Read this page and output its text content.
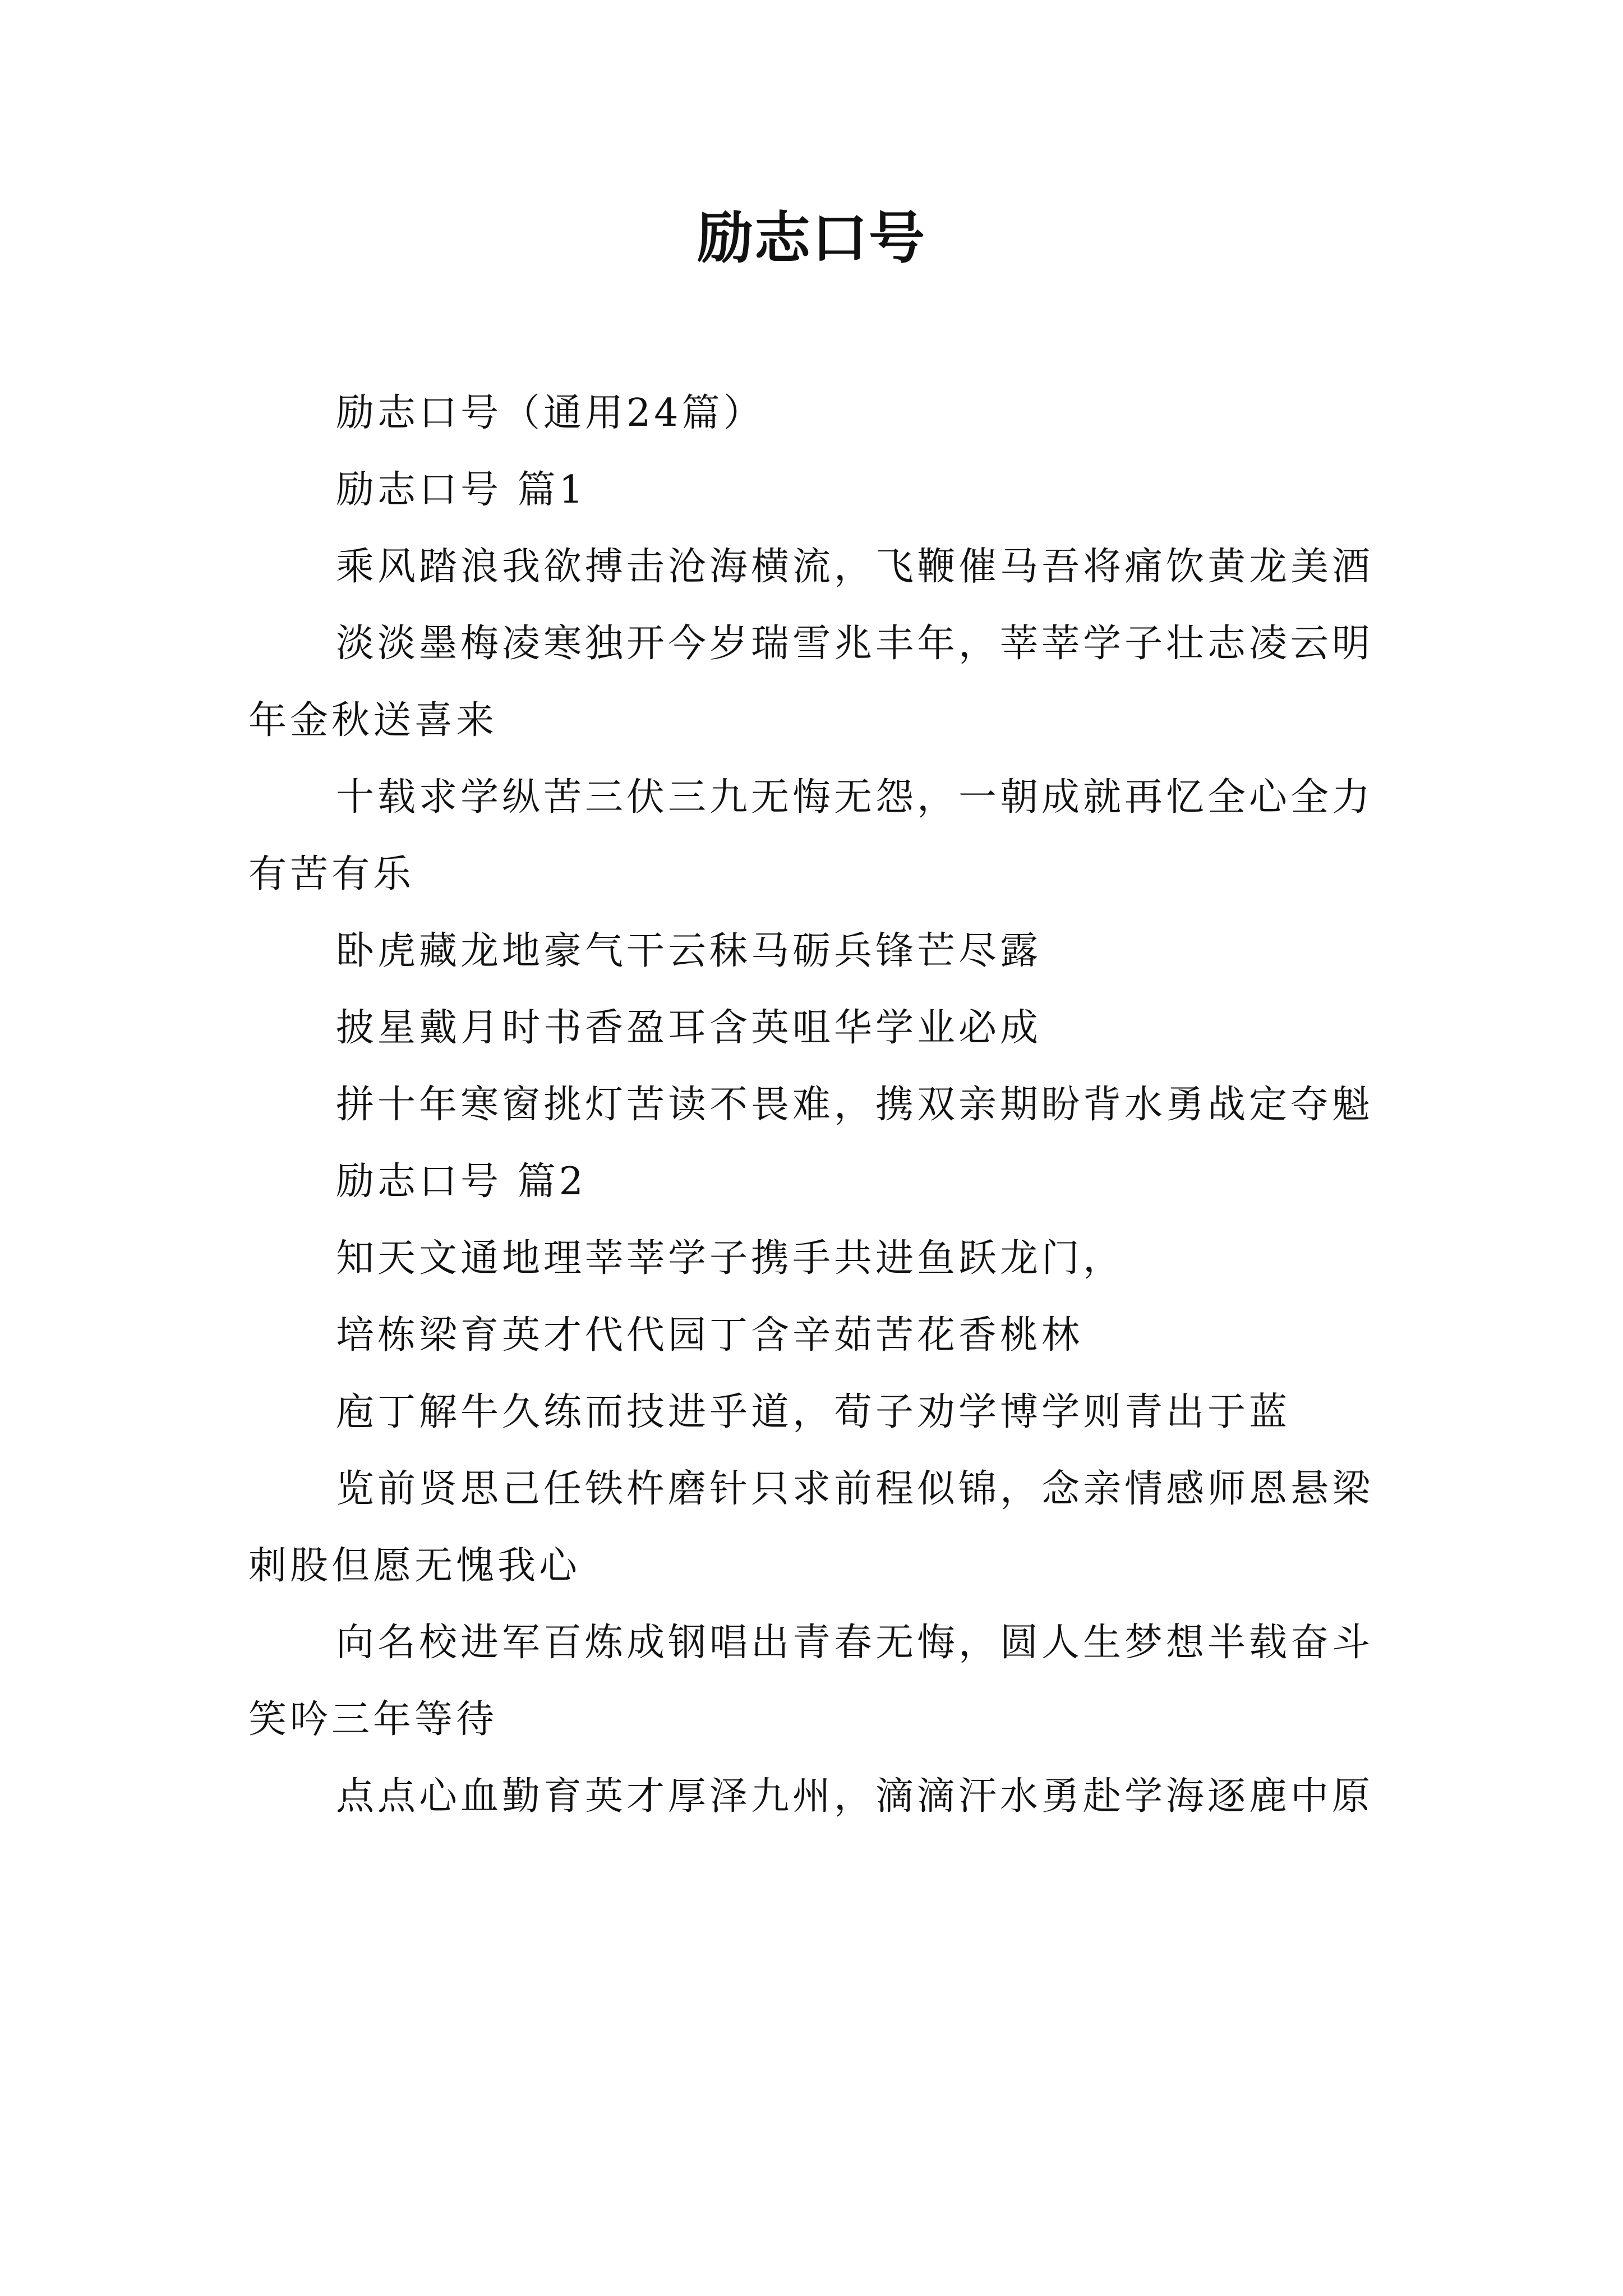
励志口号

励志口号（通用24篇）

励志口号 篇1

乘风踏浪我欲搏击沧海横流，飞鞭催马吾将痛饮黄龙美酒

淡淡墨梅凌寒独开今岁瑞雪兆丰年，莘莘学子壮志凌云明年金秋送喜来

十载求学纵苦三伏三九无悔无怨，一朝成就再忆全心全力有苦有乐

卧虎藏龙地豪气干云秣马砺兵锋芒尽露

披星戴月时书香盈耳含英咀华学业必成

拼十年寒窗挑灯苦读不畏难，携双亲期盼背水勇战定夺魁

励志口号 篇2

知天文通地理莘莘学子携手共进鱼跃龙门，

培栋梁育英才代代园丁含辛茹苦花香桃林

庖丁解牛久练而技进乎道，荀子劝学博学则青出于蓝

览前贤思己任铁杵磨针只求前程似锦，念亲情感师恩悬梁刺股但愿无愧我心

向名校进军百炼成钢唱出青春无悔，圆人生梦想半载奋斗笑吟三年等待

点点心血勤育英才厚泽九州，滴滴汗水勇赴学海逐鹿中原
